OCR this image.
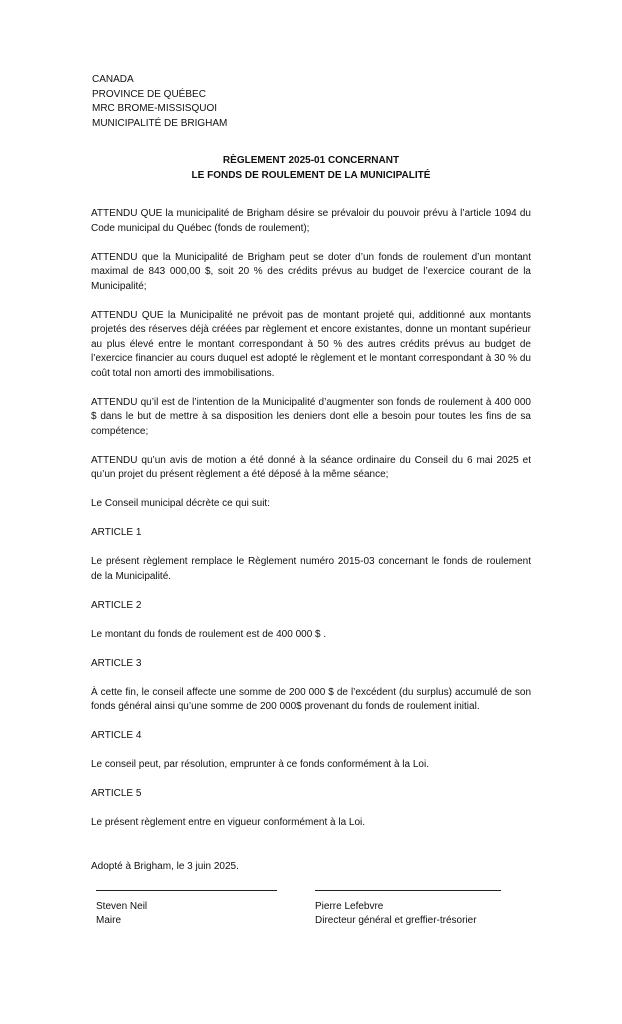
CANADA
PROVINCE DE QUÉBEC
MRC BROME-MISSISQUOI
MUNICIPALITÉ DE BRIGHAM
RÈGLEMENT 2025-01 CONCERNANT
LE FONDS DE ROULEMENT DE LA MUNICIPALITÉ

ATTENDU QUE la municipalité de Brigham désire se prévaloir du pouvoir prévu à l’article 1094 du Code municipal du Québec (fonds de roulement);

ATTENDU que la Municipalité de Brigham peut se doter d’un fonds de roulement d’un montant maximal de 843 000,00 $, soit 20 % des crédits prévus au budget de l’exercice courant de la Municipalité;

ATTENDU QUE la Municipalité ne prévoit pas de montant projeté qui, additionné aux montants projetés des réserves déjà créées par règlement et encore existantes, donne un montant supérieur au plus élevé entre le montant correspondant à 50 % des autres crédits prévus au budget de l’exercice financier au cours duquel est adopté le règlement et le montant correspondant à 30 % du coût total non amorti des immobilisations.

ATTENDU qu’il est de l’intention de la Municipalité d’augmenter son fonds de roulement à 400 000 $ dans le but de mettre à sa disposition les deniers dont elle a besoin pour toutes les fins de sa compétence;

ATTENDU qu’un avis de motion a été donné à la séance ordinaire du Conseil du 6 mai 2025 et qu’un projet du présent règlement a été déposé à la même séance;

Le Conseil municipal décrète ce qui suit:

ARTICLE 1

Le présent règlement remplace le Règlement numéro 2015-03 concernant le fonds de roulement de la Municipalité.

ARTICLE 2

Le montant du fonds de roulement est de 400 000 $ .

ARTICLE 3

À cette fin, le conseil affecte une somme de 200 000 $ de l’excédent (du surplus) accumulé de son fonds général ainsi qu’une somme de 200 000$ provenant du fonds de roulement initial.

ARTICLE 4

Le conseil peut, par résolution, emprunter à ce fonds conformément à la Loi.

ARTICLE 5

Le présent règlement entre en vigueur conformément à la Loi.

Adopté à Brigham, le 3 juin 2025.

Steven Neil
Maire
Pierre Lefebvre
Directeur général et greffier-trésorier
